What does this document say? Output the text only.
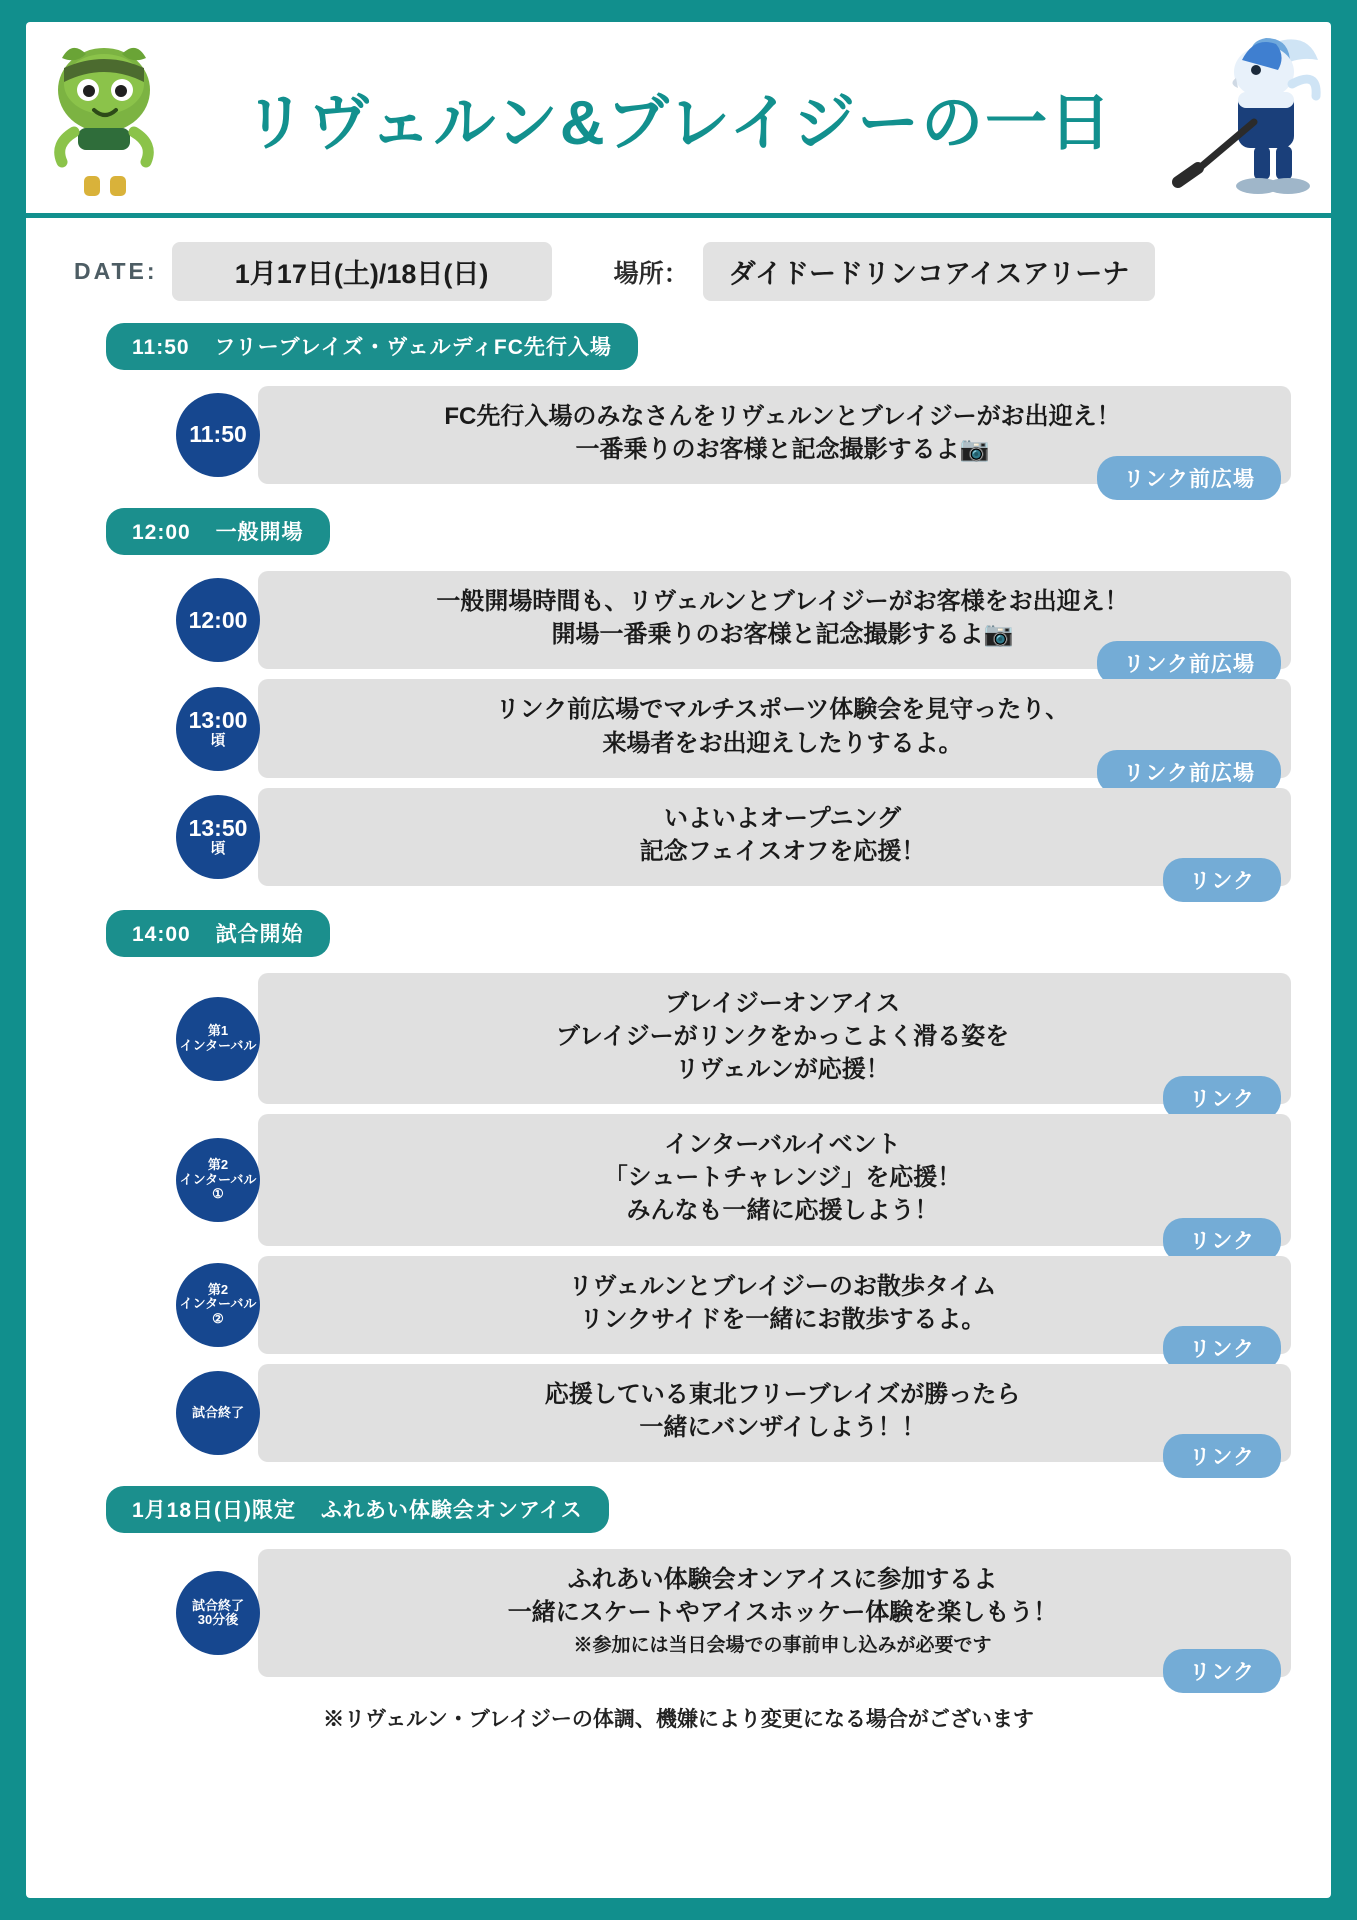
リヴェルン&ブレイジーの一日
DATE:	1月17日(土)/18日(日)	場所：	ダイドードリンコアイスアリーナ
11:50 フリーブレイズ・ヴェルディFC先行入場
11:50

FC先行入場のみなさんをリヴェルンとブレイジーがお出迎え！

一番乗りのお客様と記念撮影するよ📷

リンク前広場
12:00 一般開場
12:00

一般開場時間も、リヴェルンとブレイジーがお客様をお出迎え！

開場一番乗りのお客様と記念撮影するよ📷

リンク前広場
13:00
頃

リンク前広場でマルチスポーツ体験会を見守ったり、

来場者をお出迎えしたりするよ。

リンク前広場
13:50
頃

いよいよオープニング

記念フェイスオフを応援！

リンク
14:00 試合開始
第1
インターバル

ブレイジーオンアイス

ブレイジーがリンクをかっこよく滑る姿を

リヴェルンが応援！

リンク
第2
インターバル
①

インターバルイベント

「シュートチャレンジ」を応援！

みんなも一緒に応援しよう！

リンク
第2
インターバル
②

リヴェルンとブレイジーのお散歩タイム

リンクサイドを一緒にお散歩するよ。

リンク
試合終了

応援している東北フリーブレイズが勝ったら

一緒にバンザイしよう！！

リンク
1月18日(日)限定 ふれあい体験会オンアイス
試合終了
30分後

ふれあい体験会オンアイスに参加するよ

一緒にスケートやアイスホッケー体験を楽しもう！

※参加には当日会場での事前申し込みが必要です

リンク
※リヴェルン・ブレイジーの体調、機嫌により変更になる場合がございます
